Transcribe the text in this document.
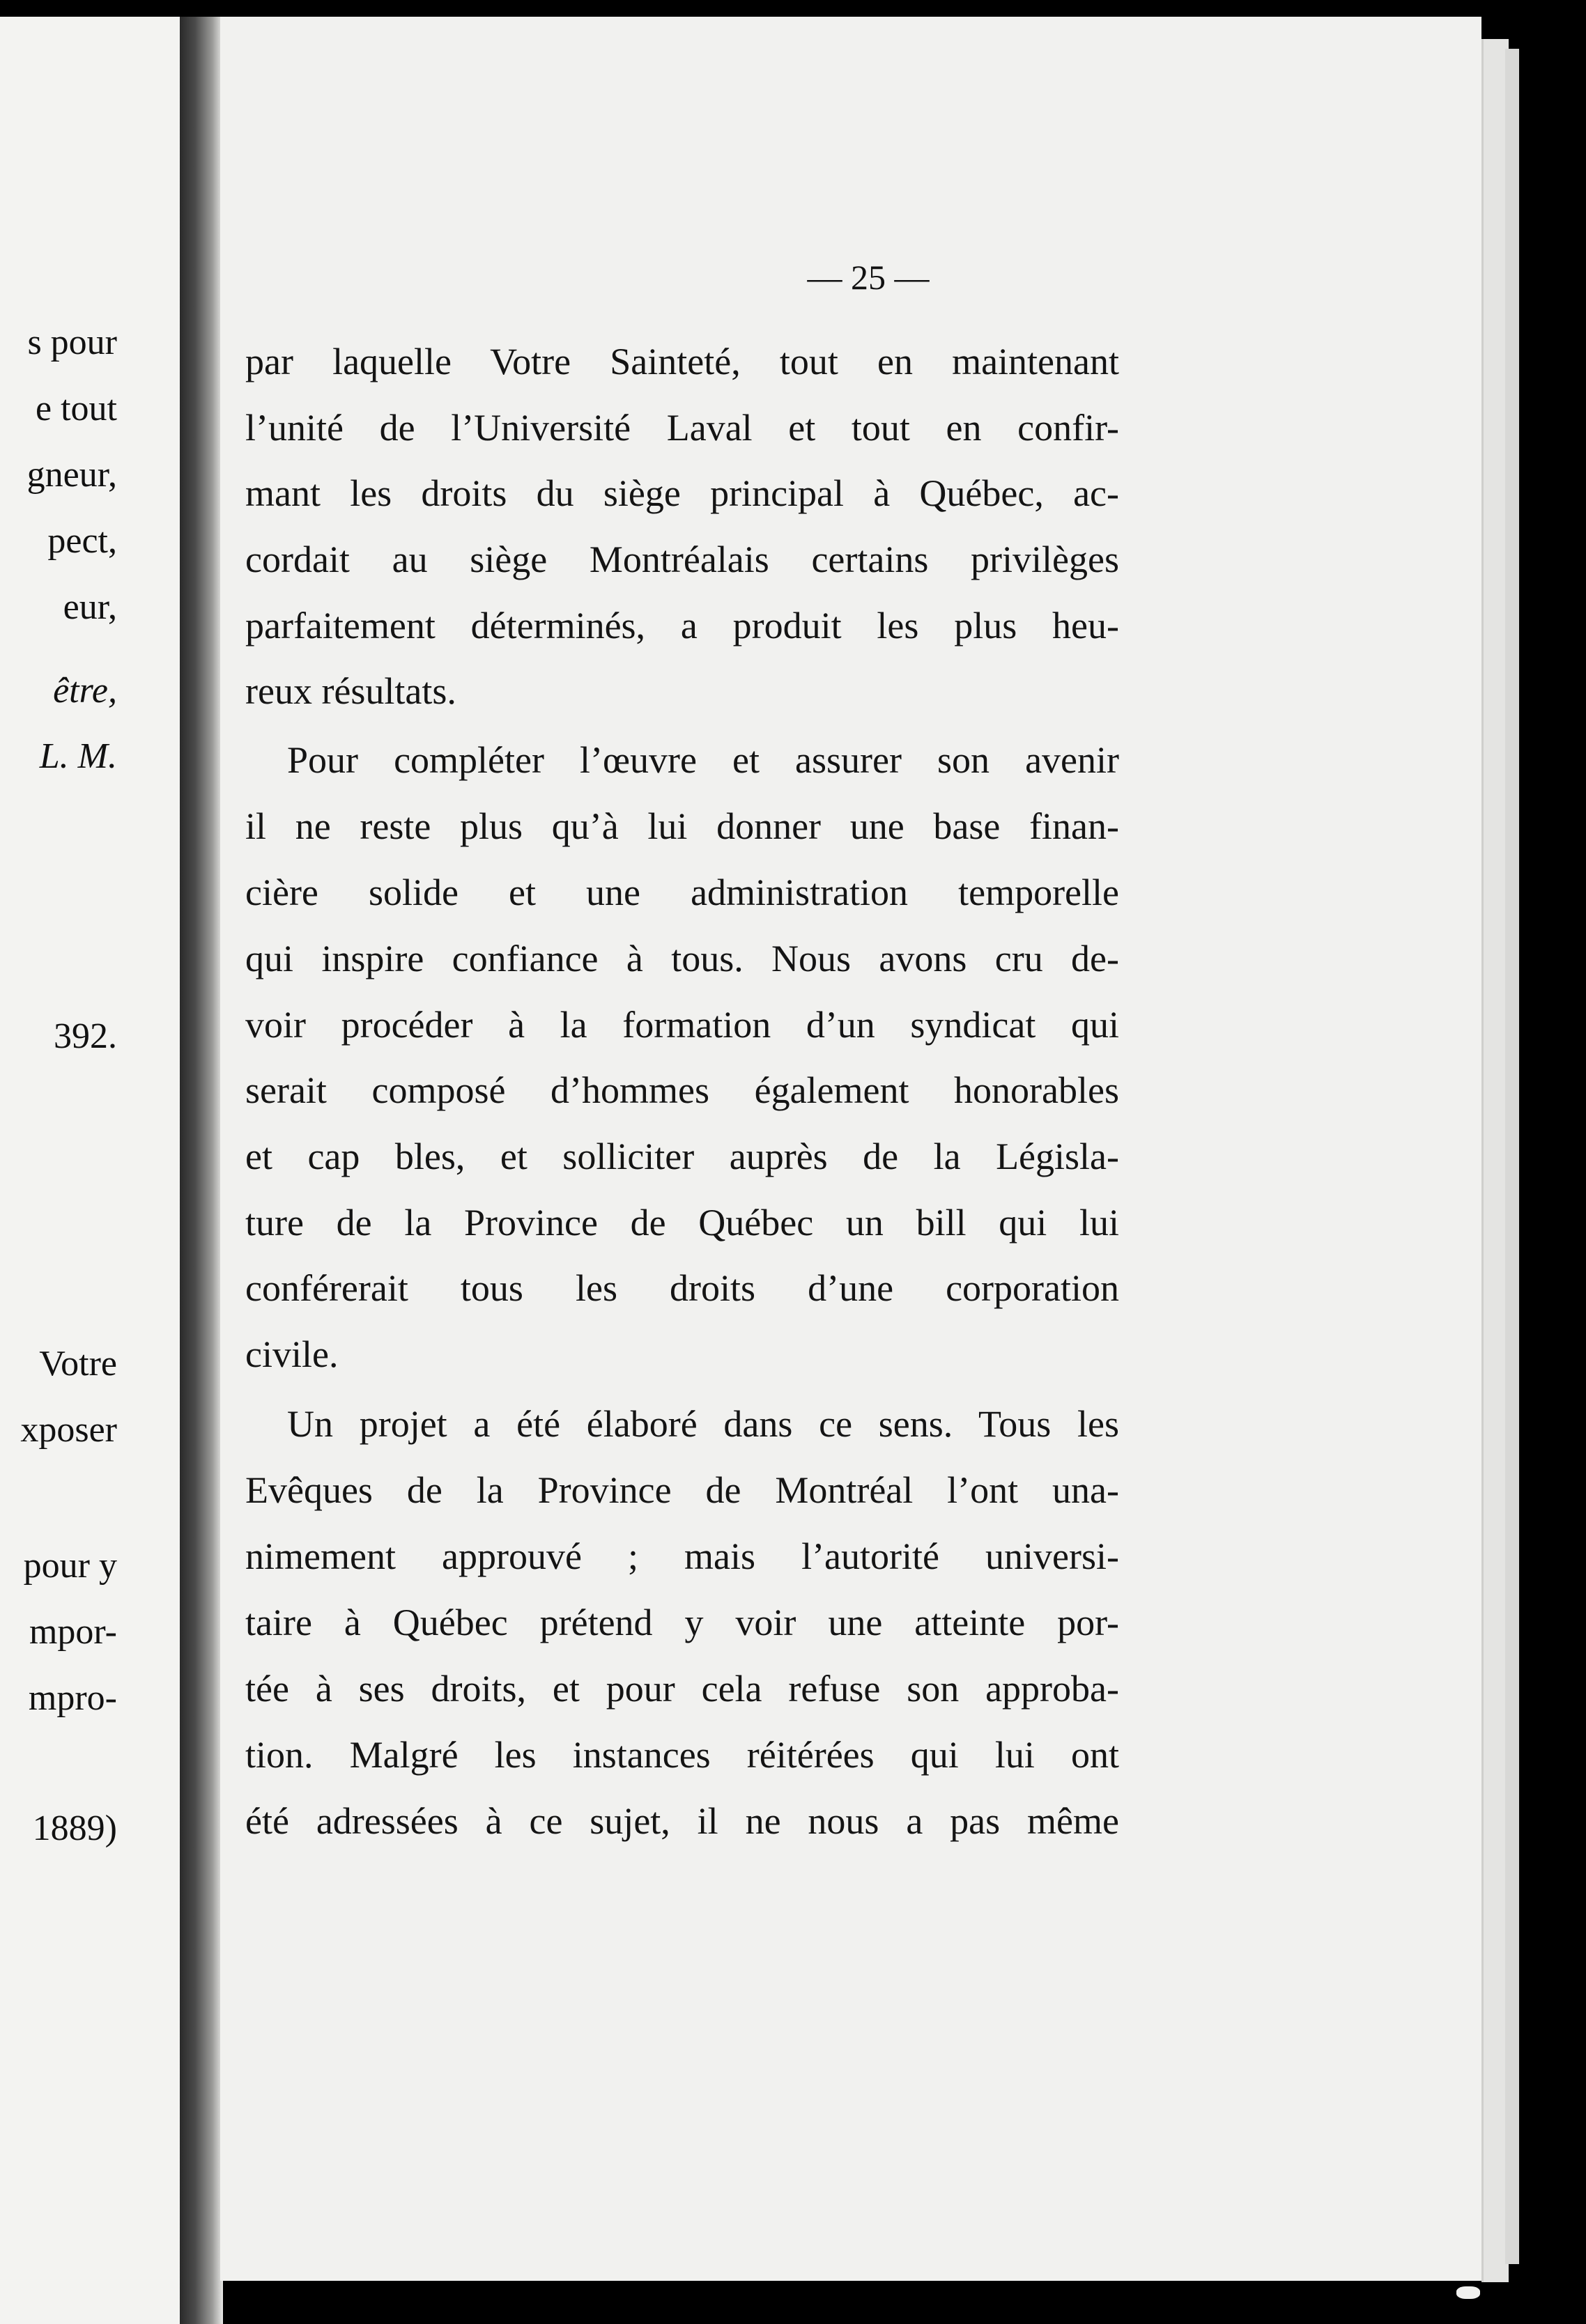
s pour
e tout
gneur,
pect,
eur,
être,
L. M.
392.
Votre
xposer
pour y
mpor-
mpro-
1889)
— 25 —
par laquelle Votre Sainteté, tout en maintenant
l’unité de l’Université Laval et tout en confir-
mant les droits du siège principal à Québec, ac-
cordait au siège Montréalais certains privilèges
parfaitement déterminés, a produit les plus heu-
reux résultats.
Pour compléter l’œuvre et assurer son avenir
il ne reste plus qu’à lui donner une base finan-
cière solide et une administration temporelle
qui inspire confiance à tous. Nous avons cru de-
voir procéder à la formation d’un syndicat qui
serait composé d’hommes également honorables
et cap bles, et solliciter auprès de la Législa-
ture de la Province de Québec un bill qui lui
conférerait tous les droits d’une corporation
civile.
Un projet a été élaboré dans ce sens. Tous les
Evêques de la Province de Montréal l’ont una-
nimement approuvé ; mais l’autorité universi-
taire à Québec prétend y voir une atteinte por-
tée à ses droits, et pour cela refuse son approba-
tion. Malgré les instances réitérées qui lui ont
été adressées à ce sujet, il ne nous a pas même
